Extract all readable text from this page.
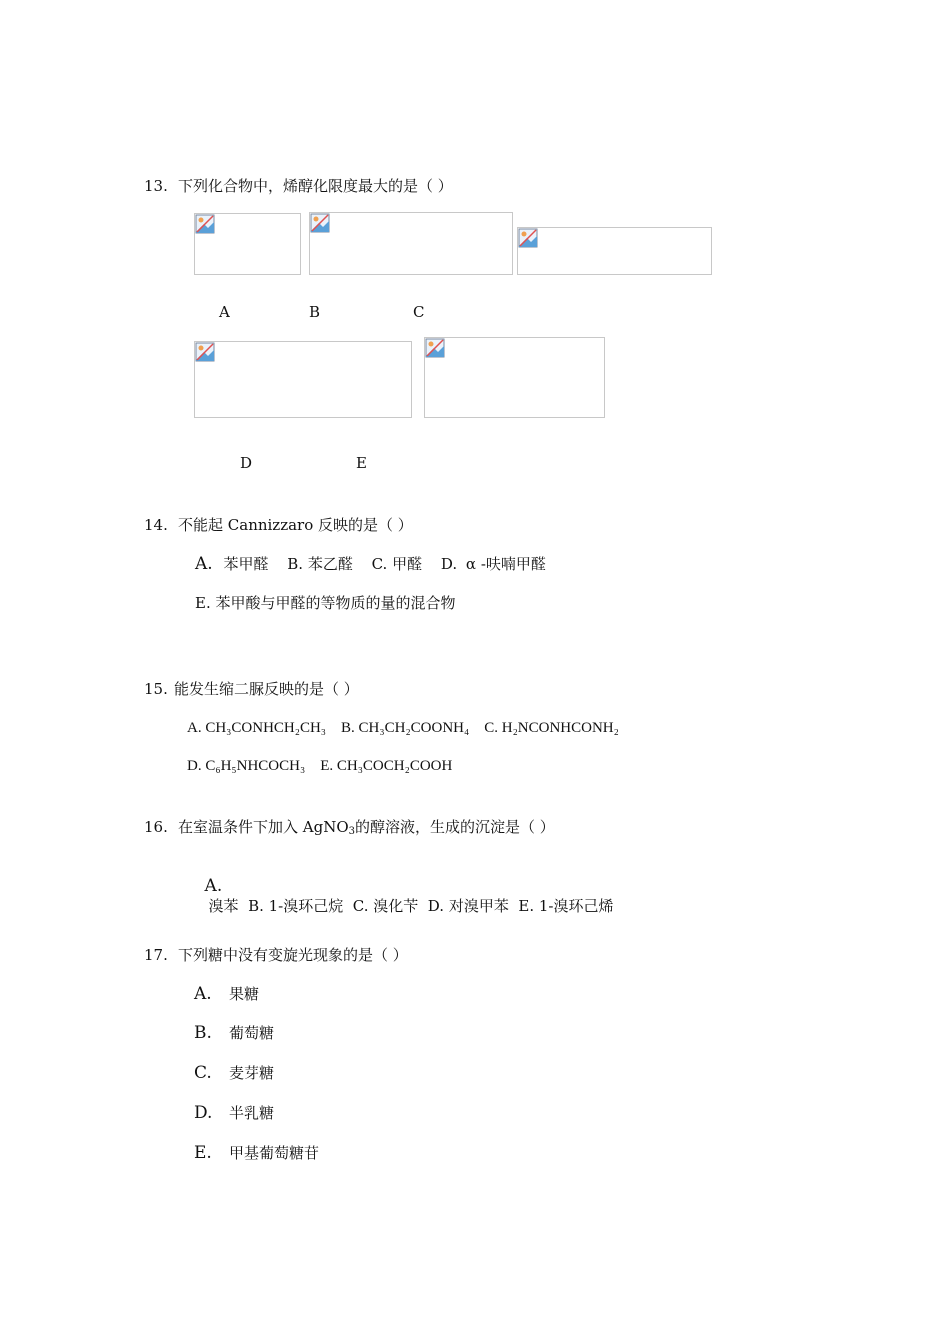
13. 下列化合物中，烯醇化限度最大的是（ ）
A	B	C
D	E
14. 不能起 Cannizzaro 反映的是（ ）
A. 苯甲醛 B. 苯乙醛 C. 甲醛 D. α -呋喃甲醛
E. 苯甲酸与甲醛的等物质的量的混合物
15. 能发生缩二脲反映的是（ ）
A. CH₃CONHCH₂CH₃    B. CH₃CH₂COONH₄    C. H₂NCONHCONH₂
D. C₆H₅NHCOCH₃    E. CH₃COCH₂COOH
16. 在室温条件下加入 AgNO$_3$的醇溶液，生成的沉淀是（ ）

A.
溴苯  B. 1-溴环己烷  C. 溴化苄  D. 对溴甲苯  E. 1-溴环己烯

17. 下列糖中没有变旋光现象的是（ ）
A. 果糖
B. 葡萄糖
C. 麦芽糖
D. 半乳糖
E. 甲基葡萄糖苷
